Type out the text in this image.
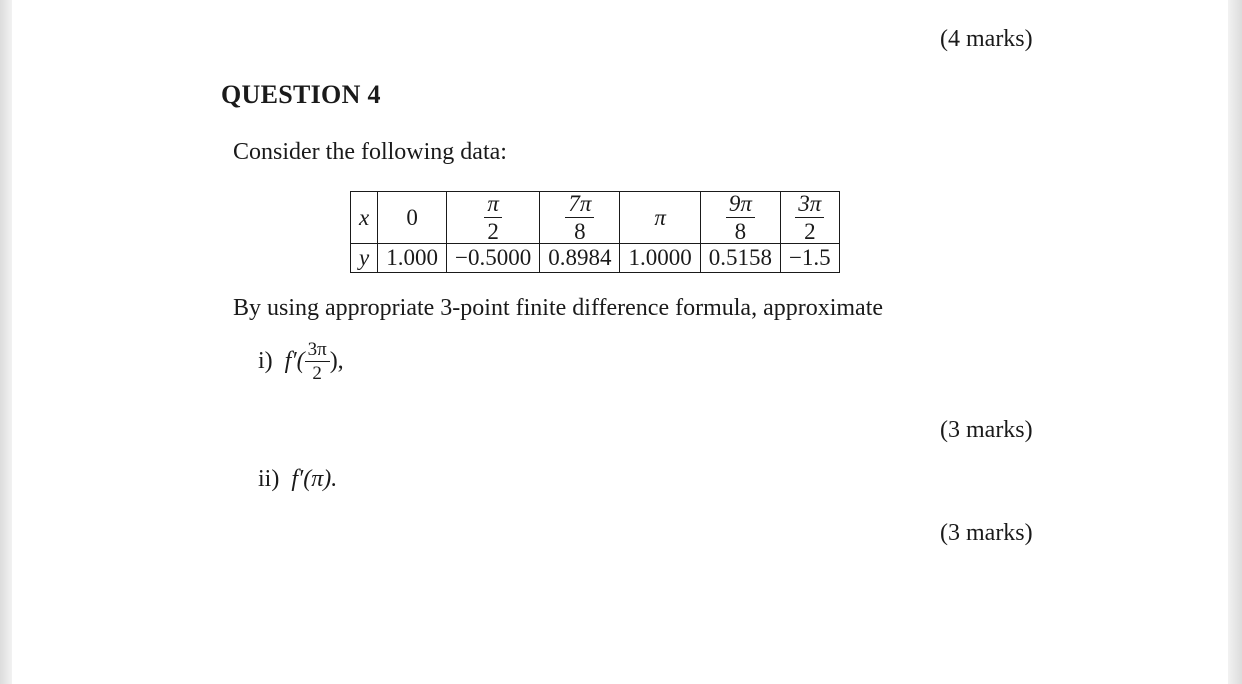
(4 marks)
QUESTION 4
Consider the following data:
x	0	$\frac{\pi}{2}$	$\frac{7\pi}{8}$	π	$\frac{9\pi}{8}$	$\frac{3\pi}{2}$

y	1.000	−0.5000	0.8984	1.0000	0.5158	−1.5
By using appropriate 3-point finite difference formula, approximate
i) $f'( \frac{3\pi}{2}$ ),
(3 marks)
ii) f′(π).
(3 marks)
